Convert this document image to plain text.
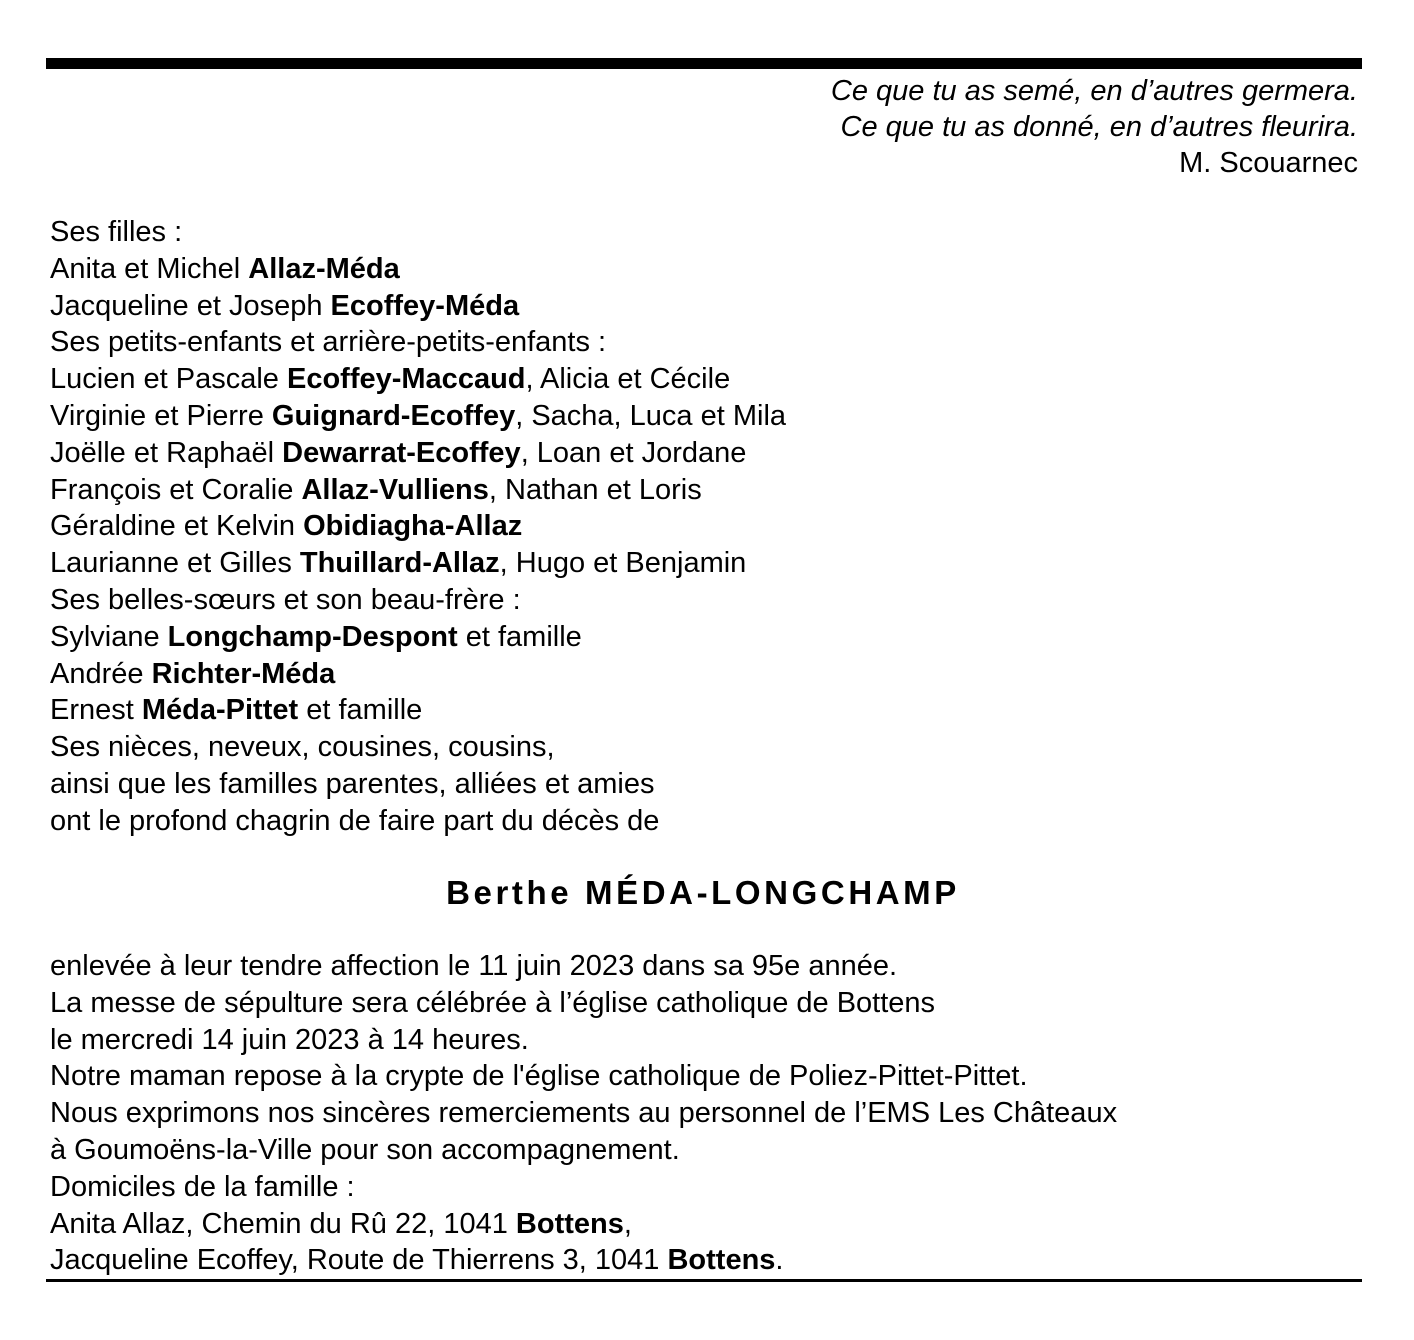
Ce que tu as semé, en d’autres germera.
Ce que tu as donné, en d’autres fleurira.
M. Scouarnec
Ses filles :
Anita et Michel Allaz-Méda
Jacqueline et Joseph Ecoffey-Méda
Ses petits-enfants et arrière-petits-enfants :
Lucien et Pascale Ecoffey-Maccaud, Alicia et Cécile
Virginie et Pierre Guignard-Ecoffey, Sacha, Luca et Mila
Joëlle et Raphaël Dewarrat-Ecoffey, Loan et Jordane
François et Coralie Allaz-Vulliens, Nathan et Loris
Géraldine et Kelvin Obidiagha-Allaz
Laurianne et Gilles Thuillard-Allaz, Hugo et Benjamin
Ses belles-sœurs et son beau-frère :
Sylviane Longchamp-Despont et famille
Andrée Richter-Méda
Ernest Méda-Pittet et famille
Ses nièces, neveux, cousines, cousins,
ainsi que les familles parentes, alliées et amies
ont le profond chagrin de faire part du décès de
Berthe MÉDA-LONGCHAMP
enlevée à leur tendre affection le 11 juin 2023 dans sa 95e année.
La messe de sépulture sera célébrée à l’église catholique de Bottens
le mercredi 14 juin 2023 à 14 heures.
Notre maman repose à la crypte de l'église catholique de Poliez-Pittet-Pittet.
Nous exprimons nos sincères remerciements au personnel de l’EMS Les Châteaux
à Goumoëns-la-Ville pour son accompagnement.
Domiciles de la famille :
Anita Allaz, Chemin du Rû 22, 1041 Bottens,
Jacqueline Ecoffey, Route de Thierrens 3, 1041 Bottens.
